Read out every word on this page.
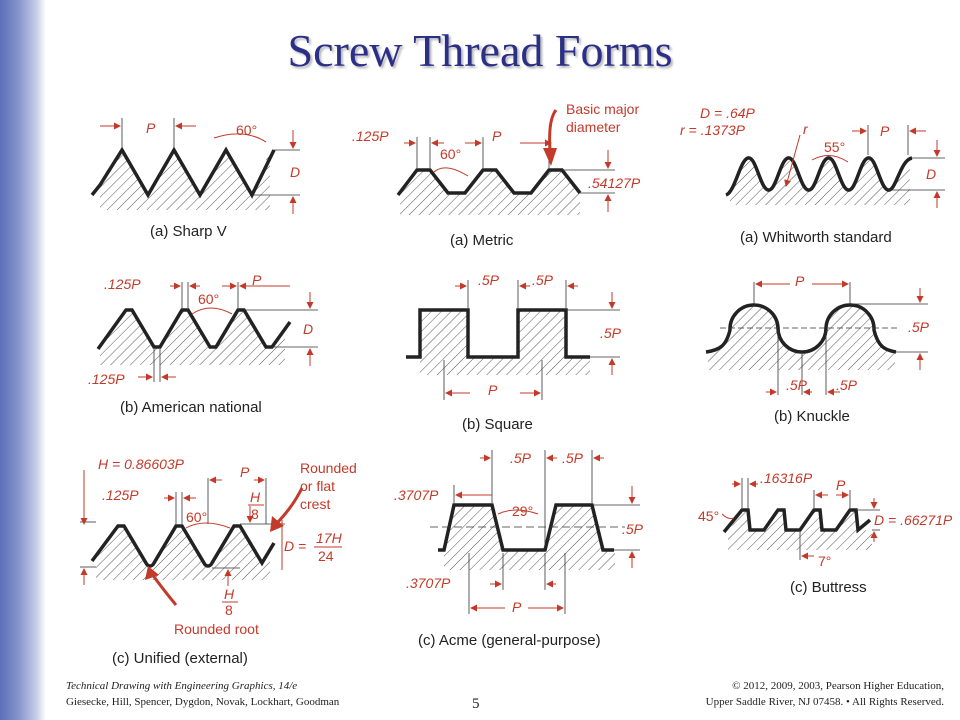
Screw Thread Forms
P	60°
D
(a) Sharp V
.125P	P
60°
Basic major
diameter
.54127P
(a) Metric
D = .64P
r = .1373P	r	P
55°
D
(a) Whitworth standard
.125P	P
60°
D
.125P
(b) American national
.5P .5P
.5P
P
(b) Square
P
.5P
.5P .5P
(b) Knuckle
H = 0.86603P	P
.125P
60°
H
8
D = 17H
24
H
8
Rounded
or flat
crest
Rounded root
(c) Unified (external)
.5P .5P
.3707P
29°
.5P
.3707P
P
(c) Acme (general-purpose)
.16316P P
45°	D = .66271P
7°
(c) Buttress
Technical Drawing with Engineering Graphics, 14/e
Giesecke, Hill, Spencer, Dygdon, Novak, Lockhart, Goodman	5
© 2012, 2009, 2003, Pearson Higher Education,
Upper Saddle River, NJ 07458. • All Rights Reserved.
